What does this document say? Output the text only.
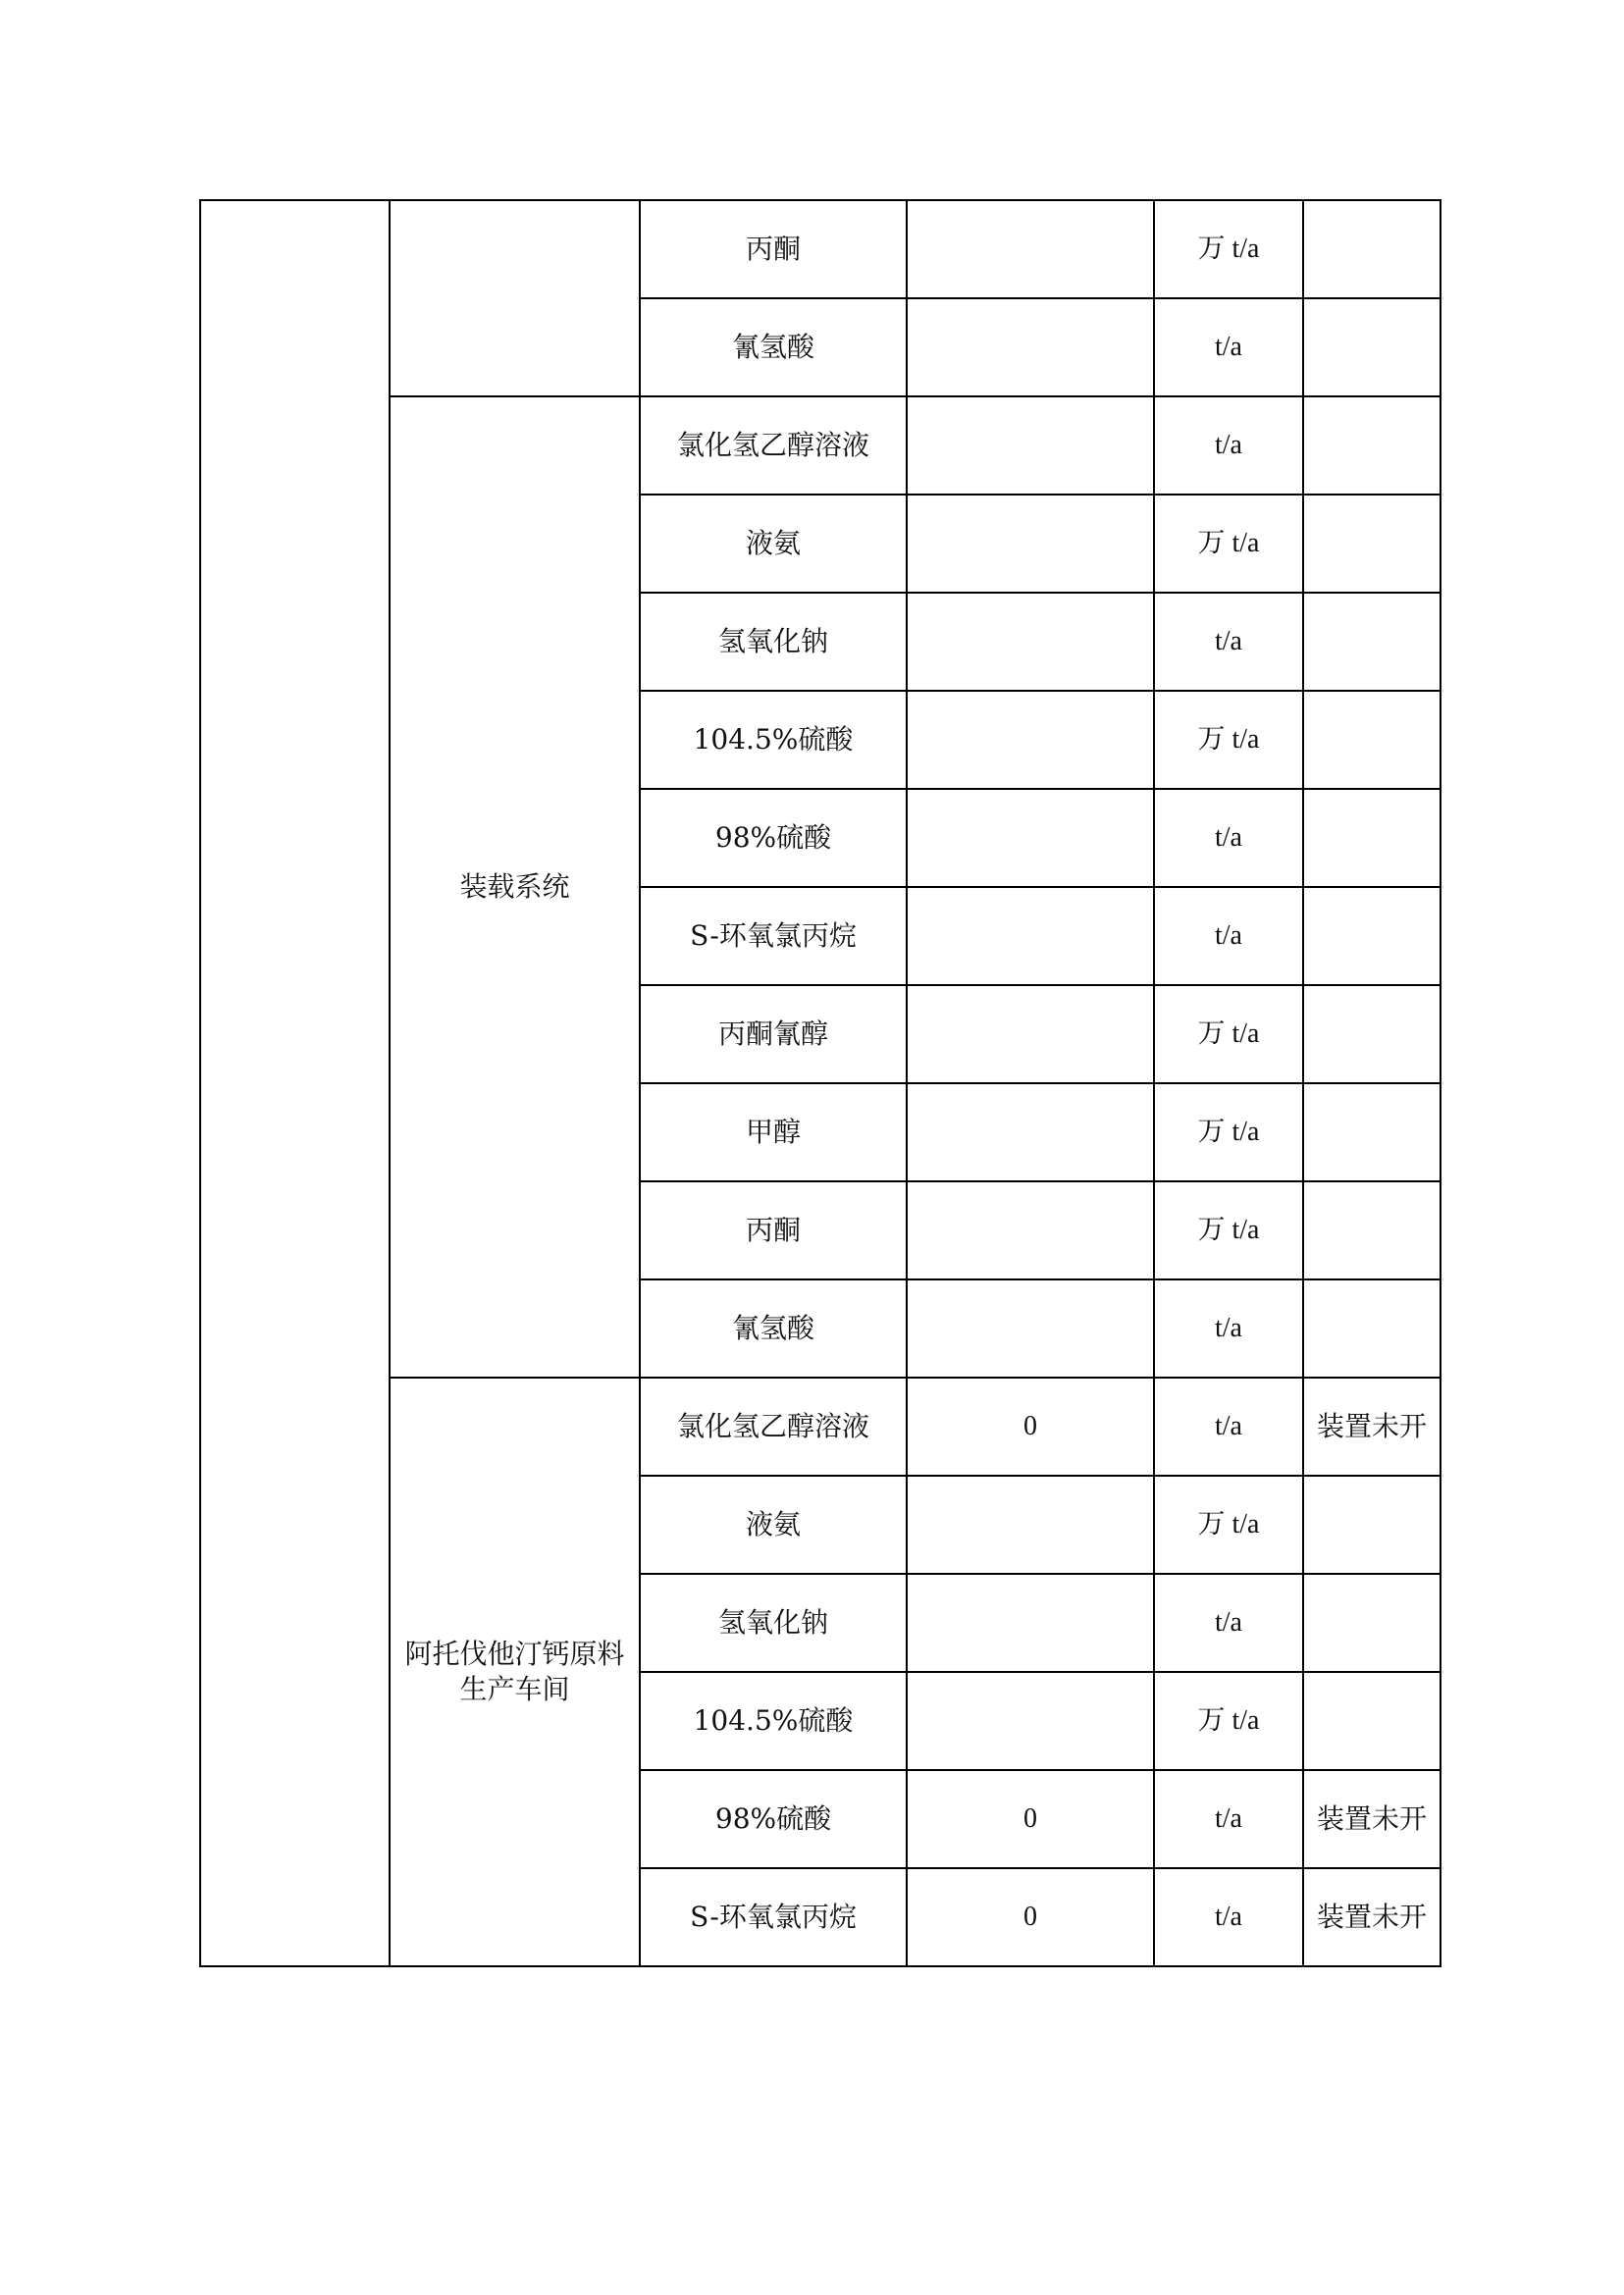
		丙酮		万 t/a	
		氰氢酸		t/a	
	装载系统	氯化氢乙醇溶液		t/a	
		液氨		万 t/a	
		氢氧化钠		t/a	
		104.5%硫酸		万 t/a	
		98%硫酸		t/a	
		S-环氧氯丙烷		t/a	
		丙酮氰醇		万 t/a	
		甲醇		万 t/a	
		丙酮		万 t/a	
		氰氢酸		t/a	
	阿托伐他汀钙原料生产车间	氯化氢乙醇溶液	0	t/a	装置未开
		液氨		万 t/a	
		氢氧化钠		t/a	
		104.5%硫酸		万 t/a	
		98%硫酸	0	t/a	装置未开
		S-环氧氯丙烷	0	t/a	装置未开
